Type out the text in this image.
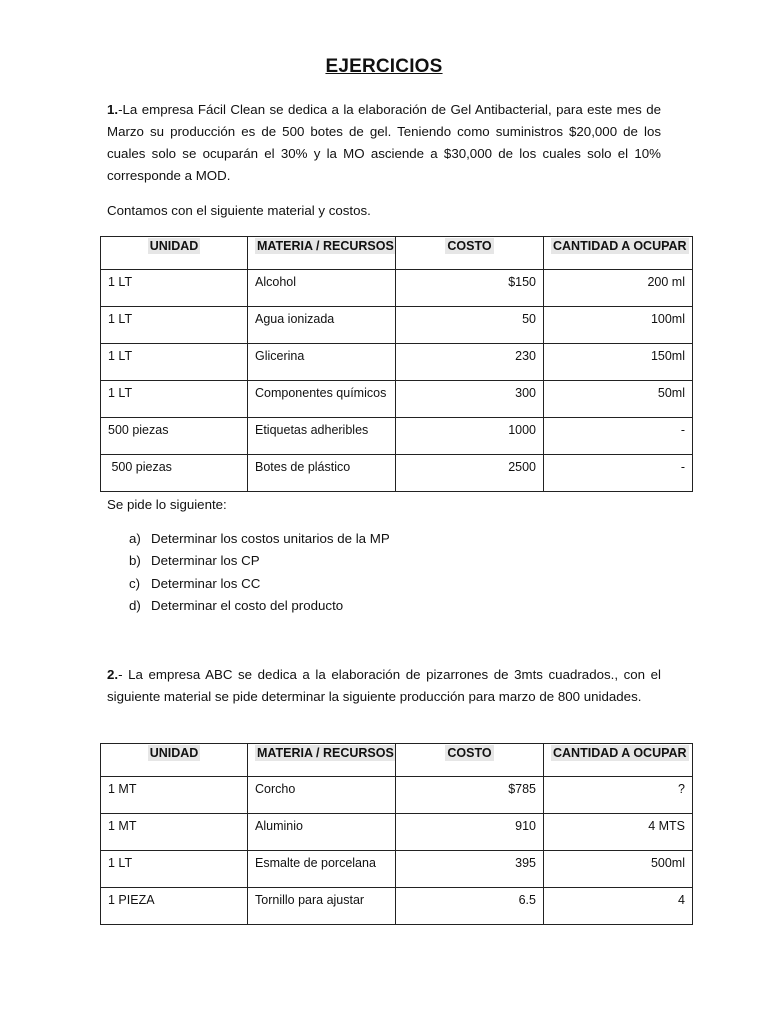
EJERCICIOS
1.-La empresa Fácil Clean se dedica a la elaboración de Gel Antibacterial, para este mes de Marzo su producción es de 500 botes de gel. Teniendo como suministros $20,000 de los cuales solo se ocuparán el 30% y la MO asciende a $30,000 de los cuales solo el 10% corresponde a MOD.
Contamos con el siguiente material y costos.
UNIDAD	MATERIA / RECURSOS	COSTO	CANTIDAD A OCUPAR
1 LT	Alcohol	$150	200 ml
1 LT	Agua ionizada	50	100ml
1 LT	Glicerina	230	150ml
1 LT	Componentes químicos	300	50ml
500 piezas	Etiquetas adheribles	1000	-
500 piezas	Botes de plástico	2500	-
Se pide lo siguiente:
a) Determinar los costos unitarios de la MP
b) Determinar los CP
c) Determinar los CC
d) Determinar el costo del producto
2.- La empresa ABC se dedica a la elaboración de pizarrones de 3mts cuadrados., con el siguiente material se pide determinar la siguiente producción para marzo de 800 unidades.
UNIDAD	MATERIA / RECURSOS	COSTO	CANTIDAD A OCUPAR
1 MT	Corcho	$785	?
1 MT	Aluminio	910	4 MTS
1 LT	Esmalte de porcelana	395	500ml
1 PIEZA	Tornillo para ajustar	6.5	4
